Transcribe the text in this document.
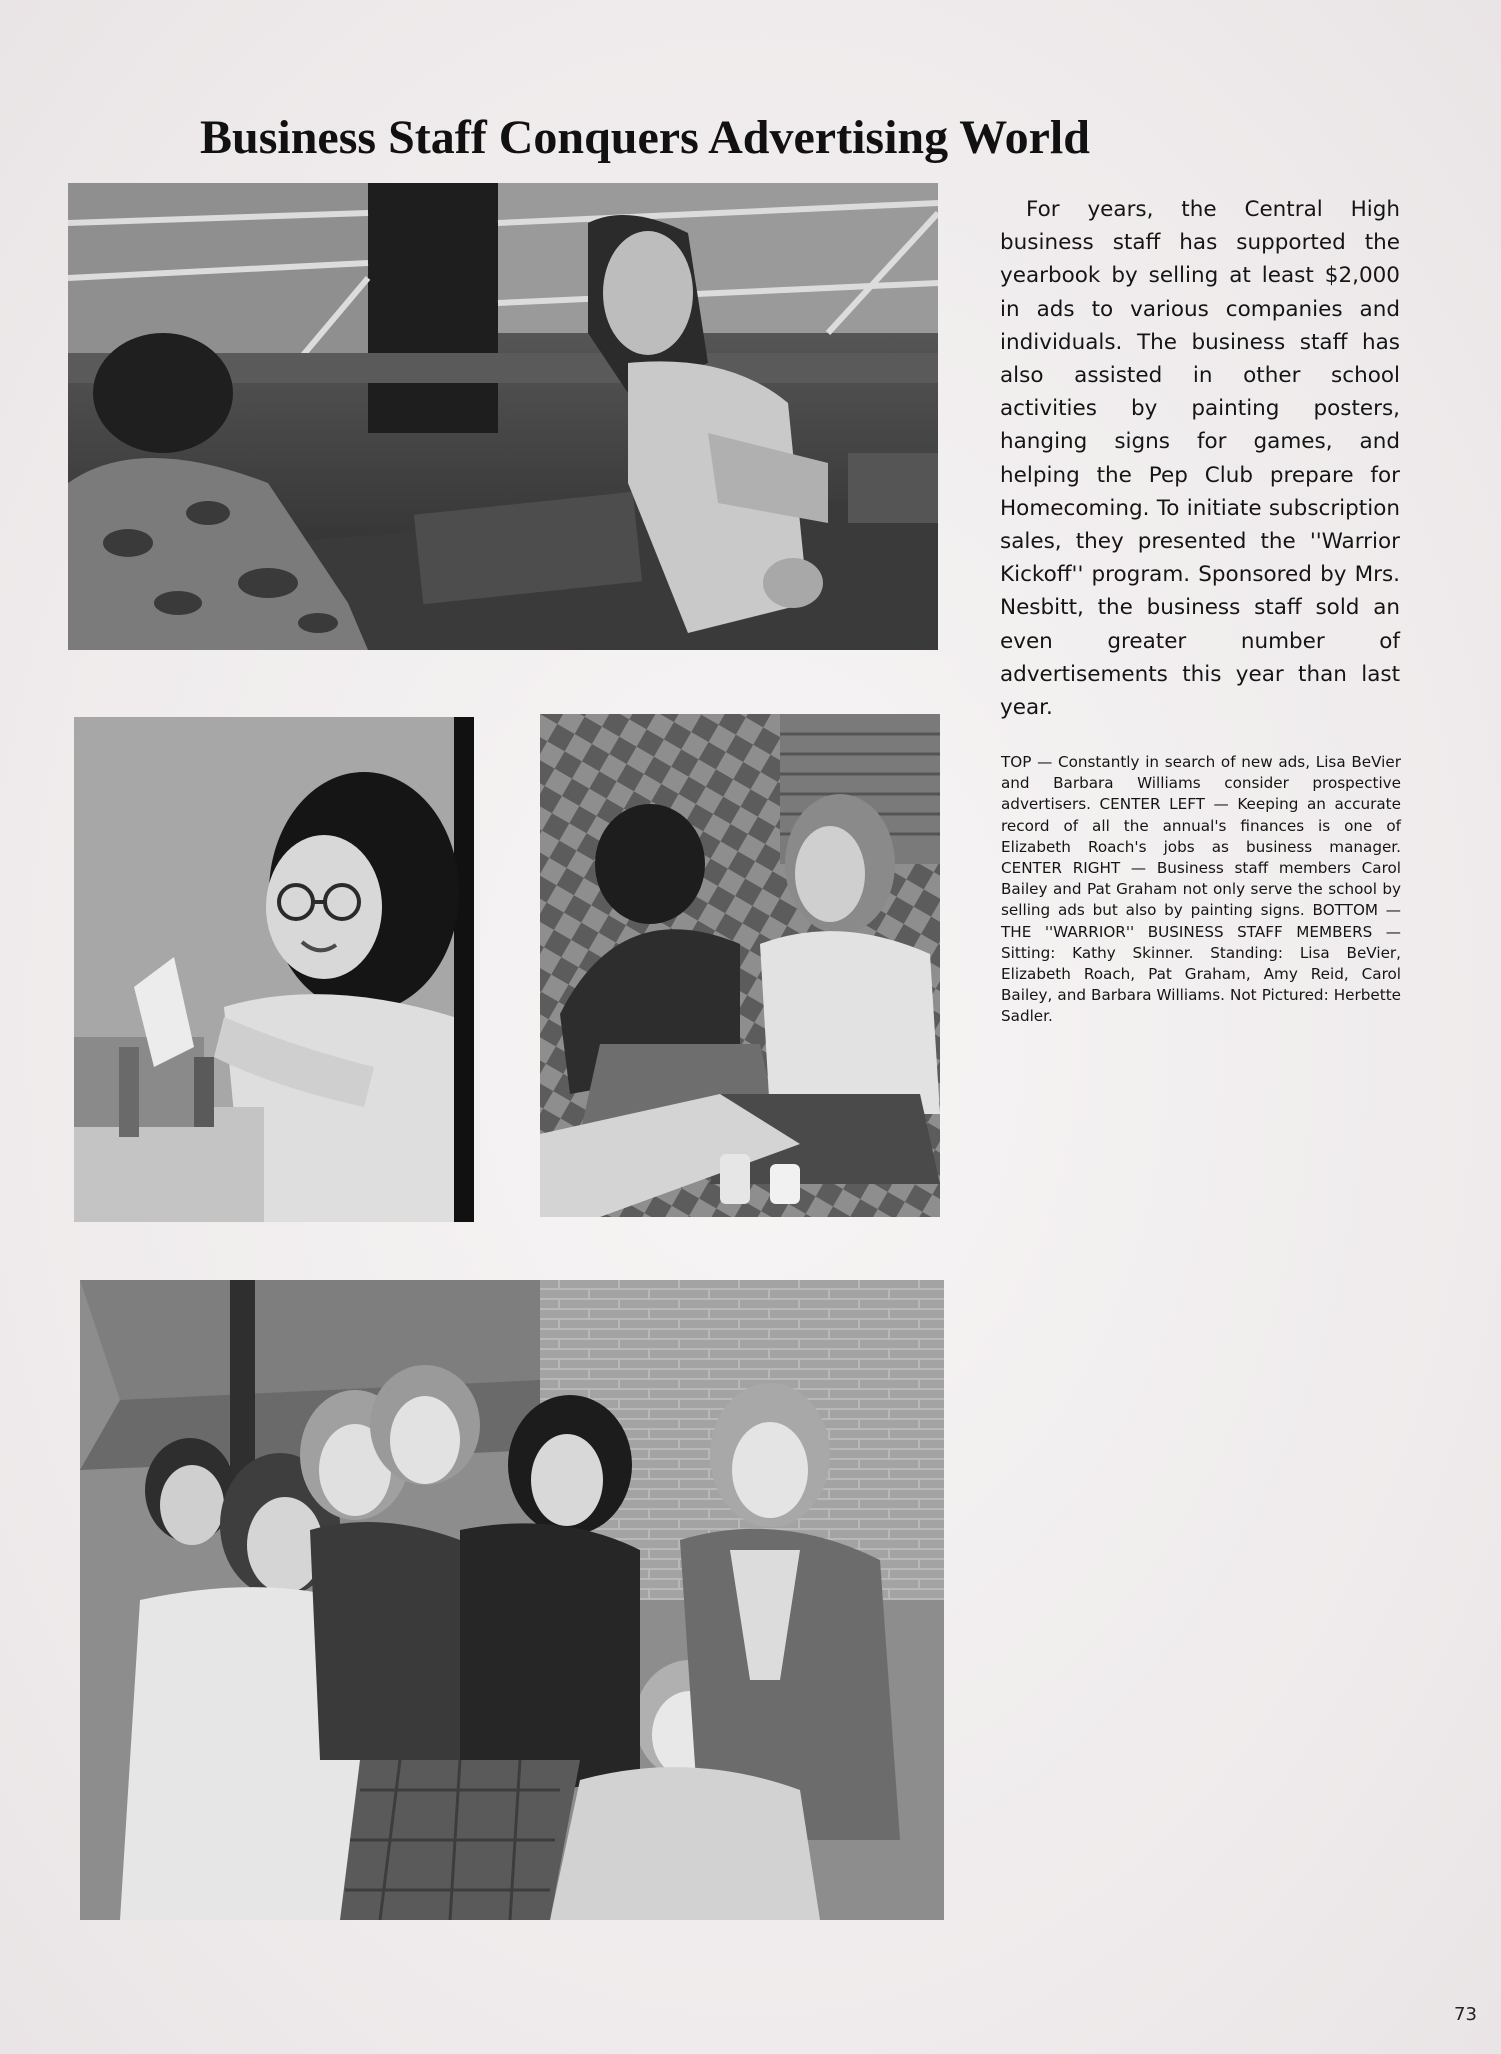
Business Staff Conquers Advertising World
For years, the Central High business staff has supported the yearbook by selling at least $2,000 in ads to various companies and individuals. The business staff has also assisted in other school activities by painting posters, hanging signs for games, and helping the Pep Club prepare for Homecoming. To initiate subscription sales, they presented the ''Warrior Kickoff'' program. Sponsored by Mrs. Nesbitt, the business staff sold an even greater number of advertisements this year than last year.
TOP — Constantly in search of new ads, Lisa BeVier and Barbara Williams consider prospective advertisers. CENTER LEFT — Keeping an accurate record of all the annual's finances is one of Elizabeth Roach's jobs as business manager. CENTER RIGHT — Business staff members Carol Bailey and Pat Graham not only serve the school by selling ads but also by painting signs. BOTTOM — THE ''WARRIOR'' BUSINESS STAFF MEMBERS — Sitting: Kathy Skinner. Standing: Lisa BeVier, Elizabeth Roach, Pat Graham, Amy Reid, Carol Bailey, and Barbara Williams. Not Pictured: Herbette Sadler.
73
